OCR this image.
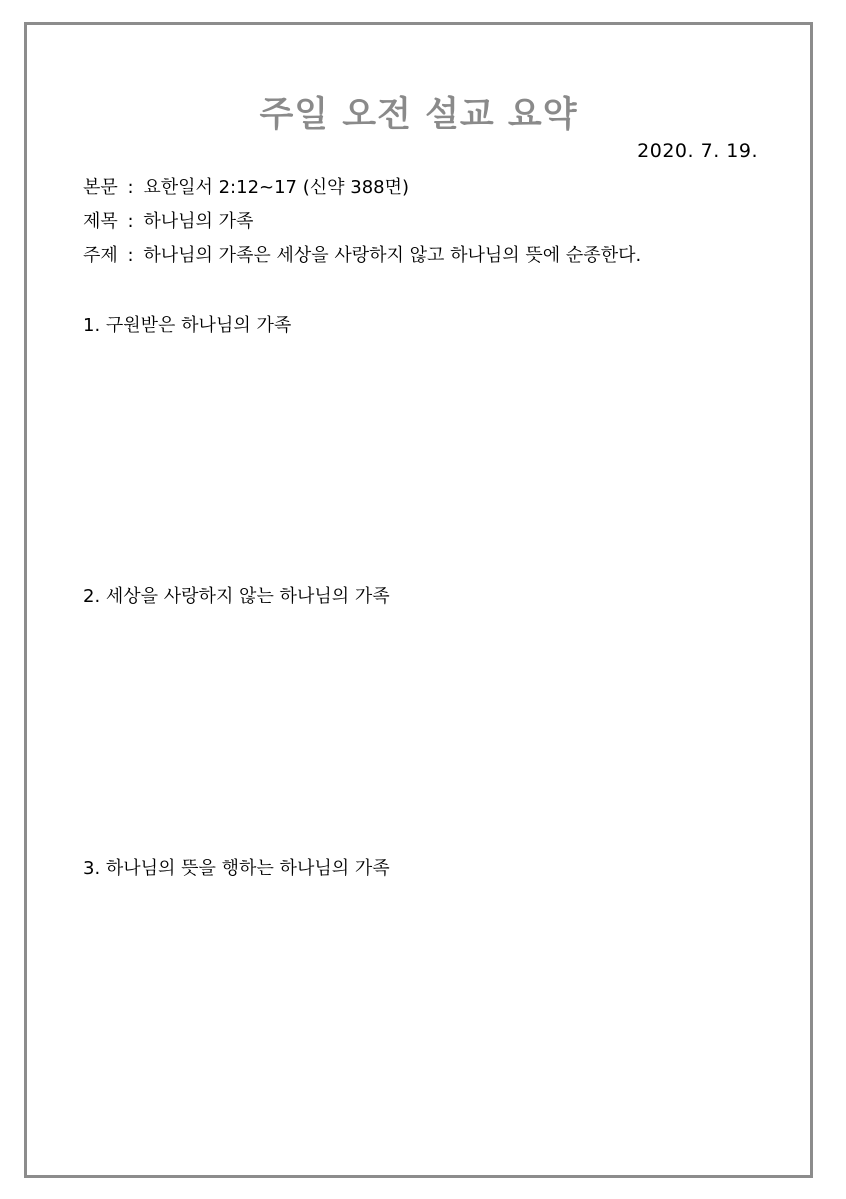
주일 오전 설교 요약
2020. 7. 19.
본문 : 요한일서 2:12~17 (신약 388면)
제목 : 하나님의 가족
주제 : 하나님의 가족은 세상을 사랑하지 않고 하나님의 뜻에 순종한다.
1. 구원받은 하나님의 가족
2. 세상을 사랑하지 않는 하나님의 가족
3. 하나님의 뜻을 행하는 하나님의 가족
